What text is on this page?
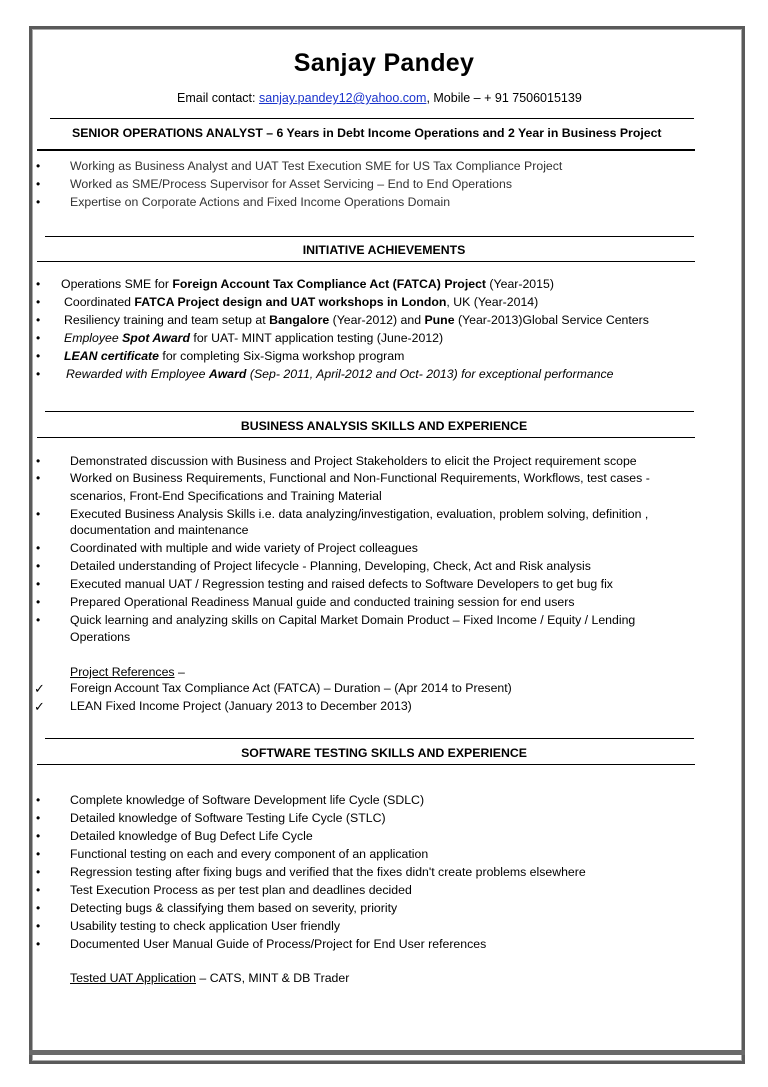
Sanjay Pandey
Email contact: sanjay.pandey12@yahoo.com, Mobile – + 91 7506015139
SENIOR OPERATIONS ANALYST – 6 Years in Debt Income Operations and 2 Year in Business Project
• Working as Business Analyst and UAT Test Execution SME for US Tax Compliance Project
• Worked as SME/Process Supervisor for Asset Servicing – End to End Operations
• Expertise on Corporate Actions and Fixed Income Operations Domain
INITIATIVE ACHIEVEMENTS
• Operations SME for Foreign Account Tax Compliance Act (FATCA) Project (Year-2015)
• Coordinated FATCA Project design and UAT workshops in London, UK (Year-2014)
• Resiliency training and team setup at Bangalore (Year-2012) and Pune (Year-2013)Global Service Centers
• Employee Spot Award for UAT- MINT application testing (June-2012)
• LEAN certificate for completing Six-Sigma workshop program
• Rewarded with Employee Award (Sep- 2011, April-2012 and Oct- 2013) for exceptional performance
BUSINESS ANALYSIS SKILLS AND EXPERIENCE
• Demonstrated discussion with Business and Project Stakeholders to elicit the Project requirement scope
• Worked on Business Requirements, Functional and Non-Functional Requirements, Workflows, test cases -
scenarios, Front-End Specifications and Training Material
• Executed Business Analysis Skills i.e. data analyzing/investigation, evaluation, problem solving, definition ,
documentation and maintenance
• Coordinated with multiple and wide variety of Project colleagues
• Detailed understanding of Project lifecycle - Planning, Developing, Check, Act and Risk analysis
• Executed manual UAT / Regression testing and raised defects to Software Developers to get bug fix
• Prepared Operational Readiness Manual guide and conducted training session for end users
• Quick learning and analyzing skills on Capital Market Domain Product – Fixed Income / Equity / Lending
Operations
Project References –
✓ Foreign Account Tax Compliance Act (FATCA) – Duration – (Apr 2014 to Present)
✓ LEAN Fixed Income Project (January 2013 to December 2013)
SOFTWARE TESTING SKILLS AND EXPERIENCE
• Complete knowledge of Software Development life Cycle (SDLC)
• Detailed knowledge of Software Testing Life Cycle (STLC)
• Detailed knowledge of Bug Defect Life Cycle
• Functional testing on each and every component of an application
• Regression testing after fixing bugs and verified that the fixes didn't create problems elsewhere
• Test Execution Process as per test plan and deadlines decided
• Detecting bugs & classifying them based on severity, priority
• Usability testing to check application User friendly
• Documented User Manual Guide of Process/Project for End User references
Tested UAT Application – CATS, MINT & DB Trader
